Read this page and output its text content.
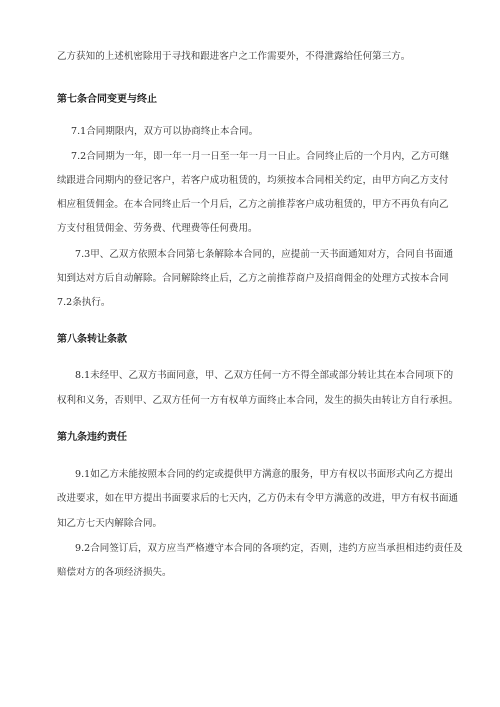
乙方获知的上述机密除用于寻找和跟进客户之工作需要外，不得泄露给任何第三方。
第七条合同变更与终止
7.1合同期限内，双方可以协商终止本合同。
7.2合同期为一年，即一年一月一日至一年一月一日止。合同终止后的一个月内，乙方可继
续跟进合同期内的登记客户，若客户成功租赁的，均须按本合同相关约定，由甲方向乙方支付
相应租赁佣金。在本合同终止后一个月后，乙方之前推荐客户成功租赁的，甲方不再负有向乙
方支付租赁佣金、劳务费、代理费等任何费用。
7.3甲、乙双方依照本合同第七条解除本合同的，应提前一天书面通知对方，合同自书面通
知到达对方后自动解除。合同解除终止后，乙方之前推荐商户及招商佣金的处理方式按本合同
7.2条执行。
第八条转让条款
8.1未经甲、乙双方书面同意，甲、乙双方任何一方不得全部或部分转让其在本合同项下的
权利和义务，否则甲、乙双方任何一方有权单方面终止本合同，发生的损失由转让方自行承担。
第九条违约责任
9.1如乙方未能按照本合同的约定或提供甲方满意的服务，甲方有权以书面形式向乙方提出
改进要求，如在甲方提出书面要求后的七天内，乙方仍未有令甲方满意的改进，甲方有权书面通
知乙方七天内解除合同。
9.2合同签订后，双方应当严格遵守本合同的各项约定，否则，违约方应当承担相违约责任及
赔偿对方的各项经济损失。
